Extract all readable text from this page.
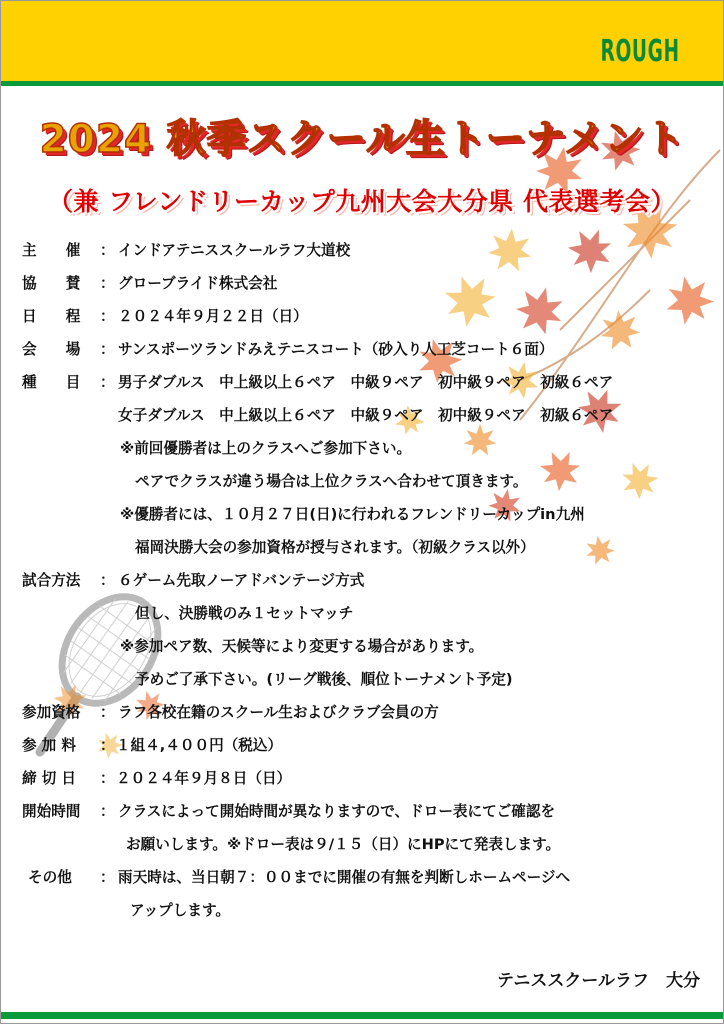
ROUGH
2024 秋季スクール生トーナメント
（兼 フレンドリーカップ九州大会大分県 代表選考会）
主　　催 ： インドアテニススクールラフ大道校
協　　賛 ： グローブライド株式会社
日　　程 ： ２０２４年９月２２日（日）
会　　場 ： サンスポーツランドみえテニスコート（砂入り人工芝コート６面）
種　　目 ： 男子ダブルス　中上級以上６ペア　中級９ペア　初中級９ペア　初級６ペア
女子ダブルス　中上級以上６ペア　中級９ペア　初中級９ペア　初級６ペア
※前回優勝者は上のクラスへご参加下さい。
ペアでクラスが違う場合は上位クラスへ合わせて頂きます。
※優勝者には、１０月２７日(日)に行われるフレンドリーカップin九州
福岡決勝大会の参加資格が授与されます。（初級クラス以外）
試合方法 ： ６ゲーム先取ノーアドバンテージ方式
但し、決勝戦のみ１セットマッチ
※参加ペア数、天候等により変更する場合があります。
予めご了承下さい。(リーグ戦後、順位トーナメント予定)
参加資格 ： ラフ各校在籍のスクール生およびクラブ会員の方
参 加 料 ： １組４,４００円（税込）
締 切 日 ： ２０２４年９月８日（日）
開始時間 ： クラスによって開始時間が異なりますので、ドロー表にてご確認を
お願いします。※ドロー表は９/１５（日）にHPにて発表します。
その他 ： 雨天時は、当日朝７：００までに開催の有無を判断しホームページへ
アップします。
テニススクールラフ　大分
